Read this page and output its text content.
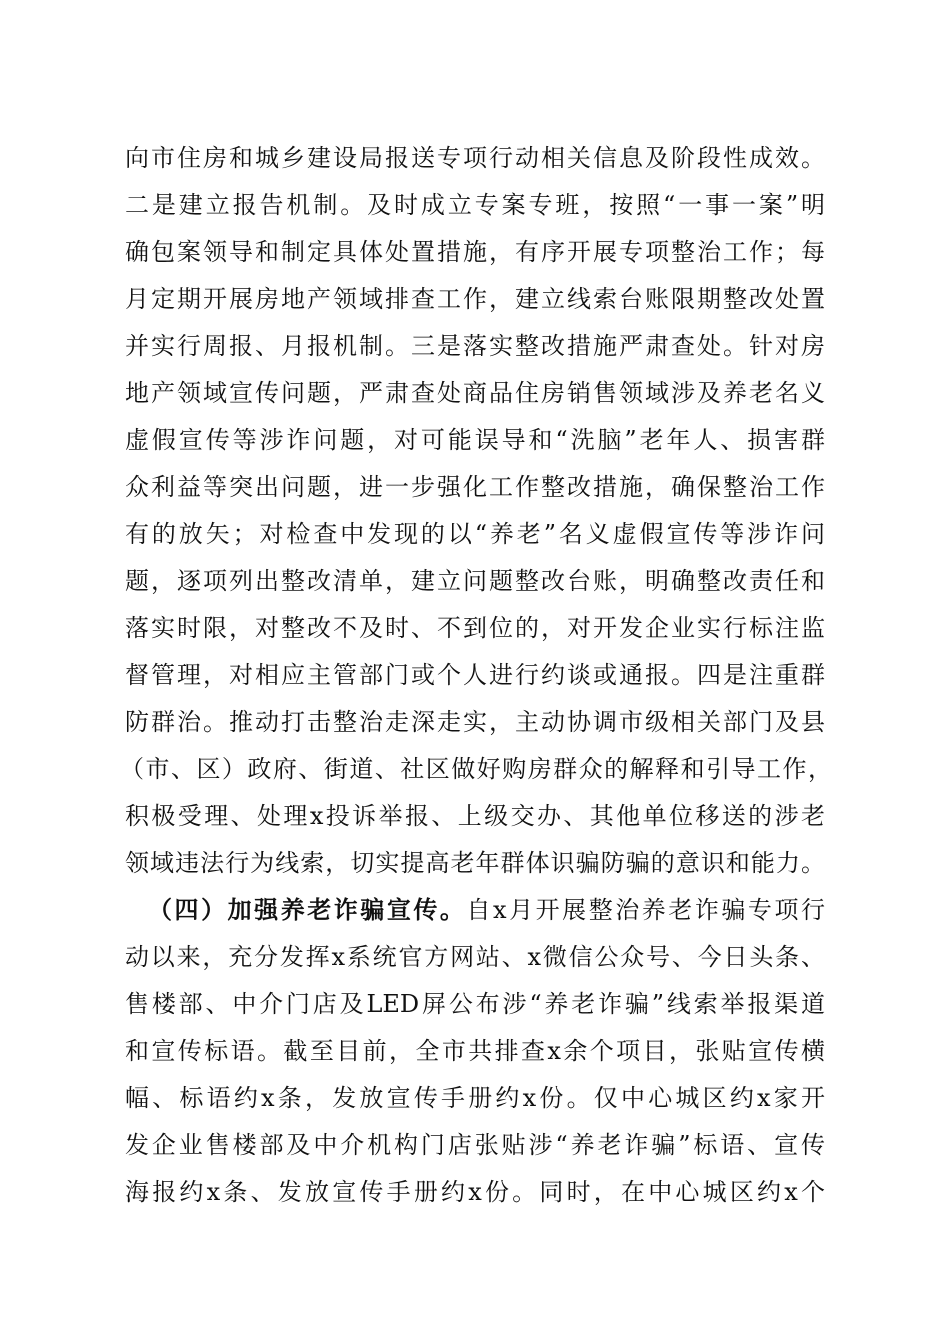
向市住房和城乡建设局报送专项行动相关信息及阶段性成效。
二是建立报告机制。及时成立专案专班，按照“一事一案”明
确包案领导和制定具体处置措施，有序开展专项整治工作；每
月定期开展房地产领域排查工作，建立线索台账限期整改处置
并实行周报、月报机制。三是落实整改措施严肃查处。针对房
地产领域宣传问题，严肃查处商品住房销售领域涉及养老名义
虚假宣传等涉诈问题，对可能误导和“洗脑”老年人、损害群
众利益等突出问题，进一步强化工作整改措施，确保整治工作
有的放矢；对检查中发现的以“养老”名义虚假宣传等涉诈问
题，逐项列出整改清单，建立问题整改台账，明确整改责任和
落实时限，对整改不及时、不到位的，对开发企业实行标注监
督管理，对相应主管部门或个人进行约谈或通报。四是注重群
防群治。推动打击整治走深走实，主动协调市级相关部门及县
（市、区）政府、街道、社区做好购房群众的解释和引导工作，
积极受理、处理x投诉举报、上级交办、其他单位移送的涉老
领域违法行为线索，切实提高老年群体识骗防骗的意识和能力。
（四）加强养老诈骗宣传。自x月开展整治养老诈骗专项行
动以来，充分发挥x系统官方网站、x微信公众号、今日头条、
售楼部、中介门店及LED屏公布涉“养老诈骗”线索举报渠道
和宣传标语。截至目前，全市共排查x余个项目，张贴宣传横
幅、标语约x条，发放宣传手册约x份。仅中心城区约x家开
发企业售楼部及中介机构门店张贴涉“养老诈骗”标语、宣传
海报约x条、发放宣传手册约x份。同时，在中心城区约x个
